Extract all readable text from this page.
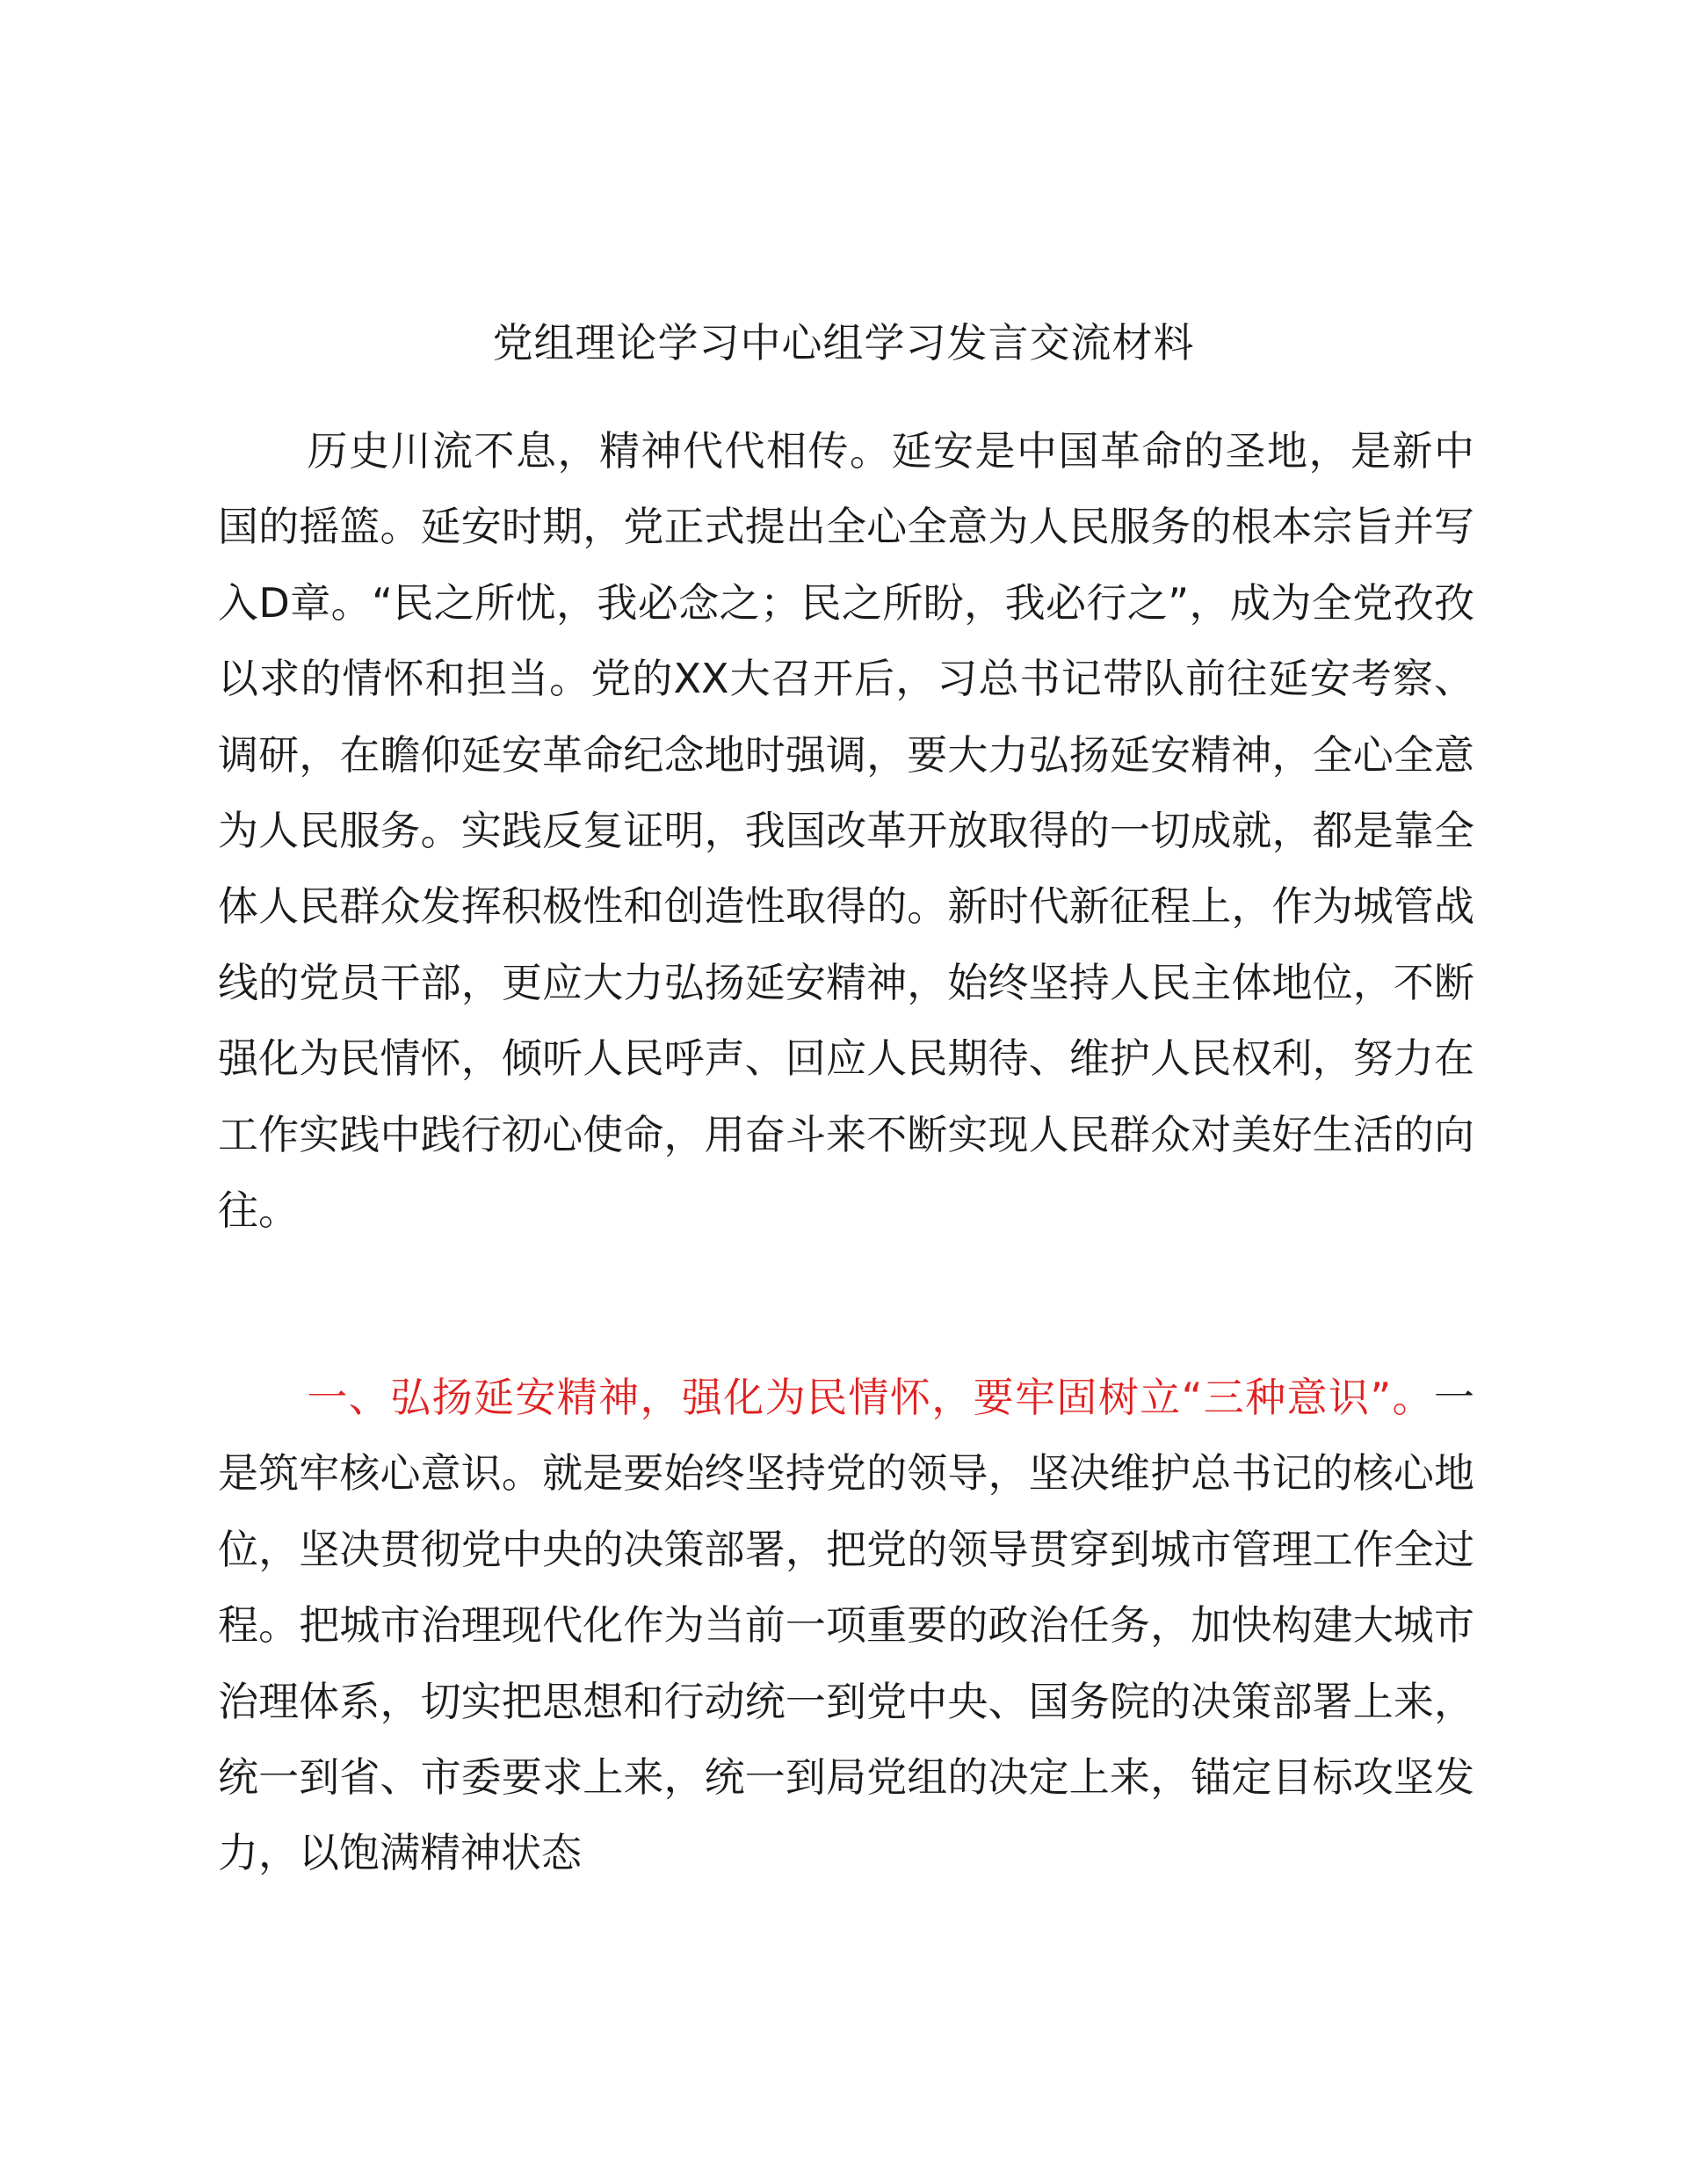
党组理论学习中心组学习发言交流材料

历史川流不息，精神代代相传。延安是中国革命的圣地，是新中国的摇篮。延安时期，党正式提出全心全意为人民服务的根本宗旨并写入D章。“民之所忧，我必念之；民之所盼，我必行之”，成为全党孜孜以求的情怀和担当。党的XX大召开后，习总书记带队前往延安考察、调研，在瞻仰延安革命纪念地时强调，要大力弘扬延安精神，全心全意为人民服务。实践反复证明，我国改革开放取得的一切成就，都是靠全体人民群众发挥积极性和创造性取得的。新时代新征程上，作为城管战线的党员干部，更应大力弘扬延安精神，始终坚持人民主体地位，不断强化为民情怀，倾听人民呼声、回应人民期待、维护人民权利，努力在工作实践中践行初心使命，用奋斗来不断实现人民群众对美好生活的向往。

一、弘扬延安精神，强化为民情怀，要牢固树立“三种意识”。一是筑牢核心意识。就是要始终坚持党的领导，坚决维护总书记的核心地位，坚决贯彻党中央的决策部署，把党的领导贯穿到城市管理工作全过程。把城市治理现代化作为当前一项重要的政治任务，加快构建大城市治理体系，切实把思想和行动统一到党中央、国务院的决策部署上来，统一到省、市委要求上来，统一到局党组的决定上来，锚定目标攻坚发力，以饱满精神状态
